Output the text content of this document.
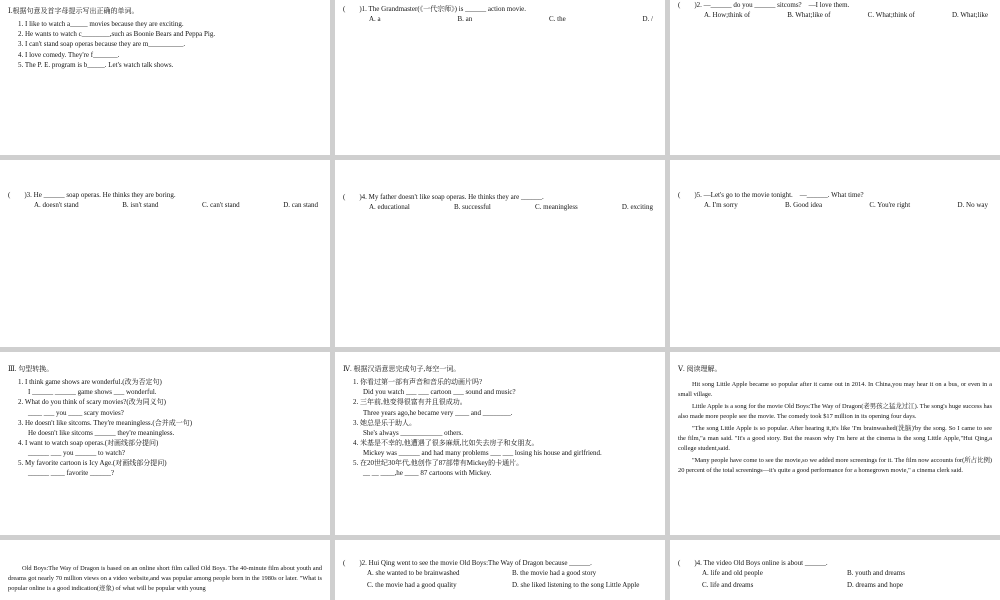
Ⅰ.根据句意及首字母提示写出正确的单词。
1. I like to watch a_____ movies because they are exciting.
2. He wants to watch c________,such as Boonie Bears and Peppa Pig.
3. I can't stand soap operas because they are m__________.
4. I love comedy. They're f_______.
5. The P. E. program is b_____. Let's watch talk shows.
(　　)1. The Grandmaster(《一代宗师》) is ______ action movie.
A. a	B. an	C. the	D. /
(　　)2. —______ do you ______ sitcoms?　—I love them.
A. How;think of	B. What;like of	C. What;think of	D. What;like
(　　)3. He ______ soap operas. He thinks they are boring.
A. doesn't stand	B. isn't stand	C. can't stand	D. can stand
(　　)4. My father doesn't like soap operas. He thinks they are ______.
A. educational	B. successful	C. meaningless	D. exciting
(　　)5. —Let's go to the movie tonight.　—______. What time?
A. I'm sorry	B. Good idea	C. You're right	D. No way
Ⅲ. 句型转换。
1. I think game shows are wonderful.(改为否定句)
I ______ ______ game shows ___ wonderful.
2. What do you think of scary movies?(改为同义句)
____ ___ you ____ scary movies?
3. He doesn't like sitcoms. They're meaningless.(合并成一句)
He doesn't like sitcoms ______ they're meaningless.
4. I want to watch soap operas.(对画线部分提问)
______ ___ you ______ to watch?
5. My favorite cartoon is Icy Age.(对画线部分提问)
______ ____ favorite ______?
Ⅳ. 根据汉语意思完成句子,每空一词。
1. 你看过第一部有声音和音乐的动画片吗?
Did you watch ___ ___ cartoon ___ sound and music?
2. 三年前,他变得很富有并且很成功。
Three years ago,he became very ____ and ________.
3. 她总是乐于助人。
She's always ____________ others.
4. 米基是不幸的,他遭遇了很多麻烦,比如失去房子和女朋友。
Mickey was ______ and had many problems ___ ___ losing his house and girlfriend.
5. 在20世纪30年代,他创作了87部带有Mickey的卡通片。
__ __ ____,he ____ 87 cartoons with Mickey.
Ⅴ. 阅读理解。

Hit song Little Apple became so popular after it came out in 2014. In China,you may hear it on a bus, or even in a small village.

Little Apple is a song for the movie Old Boys:The Way of Dragon(老男孩之猛龙过江). The song's huge success has also made more people see the movie. The comedy took $17 million in its opening four days.

"The song Little Apple is so popular. After hearing it,it's like 'I'm brainwashed(洗脑)'by the song. So I came to see the film,"a man said. "It's a good story. But the reason why I'm here at the cinema is the song Little Apple,"Hui Qing,a college student,said.

"Many people have come to see the movie,so we added more screenings for it. The film now accounts for(所占比例) 20 percent of the total screenings—it's quite a good performance for a homegrown movie," a cinema clerk said.

Old Boys:The Way of Dragon is based on an online short film called Old Boys. The 40-minute film about youth and dreams got nearly 70 million views on a video website,and was popular among people born in the 1980s or later. "What is popular online is a good indication(迹象) of what will be popular with young

(　　)2. Hui Qing went to see the movie Old Boys:The Way of Dragon because ______.
A. she wanted to be brainwashed	B. the movie had a good story
C. the movie had a good quality	D. she liked listening to the song Little Apple
(　　)4. The video Old Boys online is about ______.
A. life and old people	B. youth and dreams
C. life and dreams	D. dreams and hope
